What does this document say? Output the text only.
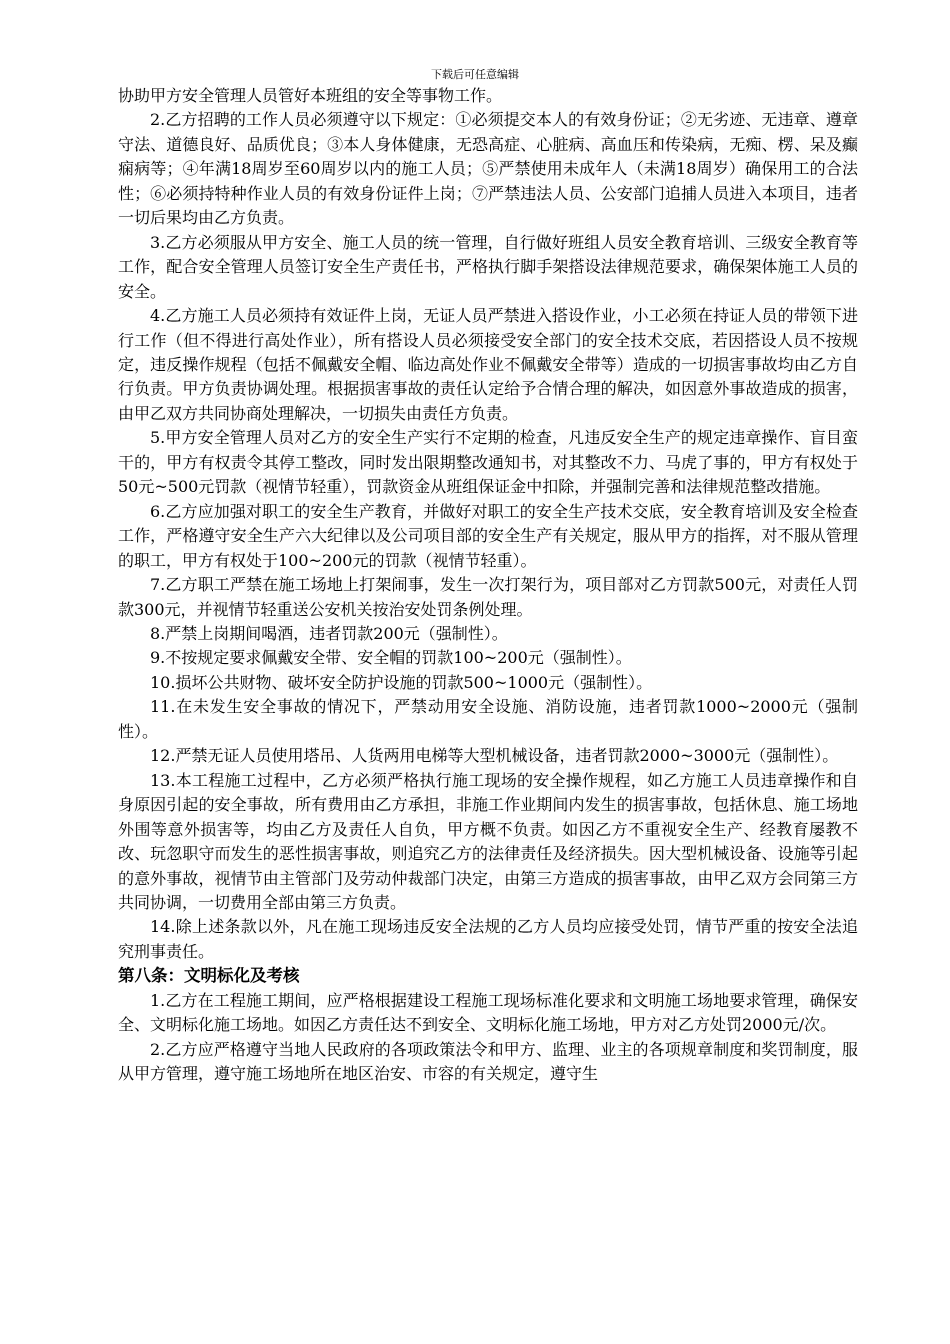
下载后可任意编辑

协助甲方安全管理人员管好本班组的安全等事物工作。

2.乙方招聘的工作人员必须遵守以下规定：①必须提交本人的有效身份证；②无劣迹、无违章、遵章守法、道德良好、品质优良；③本人身体健康，无恐高症、心脏病、高血压和传染病，无痴、楞、呆及癫痫病等；④年满18周岁至60周岁以内的施工人员；⑤严禁使用未成年人（未满18周岁）确保用工的合法性；⑥必须持特种作业人员的有效身份证件上岗；⑦严禁违法人员、公安部门追捕人员进入本项目，违者一切后果均由乙方负责。

3.乙方必须服从甲方安全、施工人员的统一管理，自行做好班组人员安全教育培训、三级安全教育等工作，配合安全管理人员签订安全生产责任书，严格执行脚手架搭设法律规范要求，确保架体施工人员的安全。

4.乙方施工人员必须持有效证件上岗，无证人员严禁进入搭设作业，小工必须在持证人员的带领下进行工作（但不得进行高处作业），所有搭设人员必须接受安全部门的安全技术交底，若因搭设人员不按规定，违反操作规程（包括不佩戴安全帽、临边高处作业不佩戴安全带等）造成的一切损害事故均由乙方自行负责。甲方负责协调处理。根据损害事故的责任认定给予合情合理的解决，如因意外事故造成的损害，由甲乙双方共同协商处理解决，一切损失由责任方负责。

5.甲方安全管理人员对乙方的安全生产实行不定期的检查，凡违反安全生产的规定违章操作、盲目蛮干的，甲方有权责令其停工整改，同时发出限期整改通知书，对其整改不力、马虎了事的，甲方有权处于50元~500元罚款（视情节轻重），罚款资金从班组保证金中扣除，并强制完善和法律规范整改措施。

6.乙方应加强对职工的安全生产教育，并做好对职工的安全生产技术交底，安全教育培训及安全检查工作，严格遵守安全生产六大纪律以及公司项目部的安全生产有关规定，服从甲方的指挥，对不服从管理的职工，甲方有权处于100~200元的罚款（视情节轻重）。

7.乙方职工严禁在施工场地上打架闹事，发生一次打架行为，项目部对乙方罚款500元，对责任人罚款300元，并视情节轻重送公安机关按治安处罚条例处理。

8.严禁上岗期间喝酒，违者罚款200元（强制性）。

9.不按规定要求佩戴安全带、安全帽的罚款100~200元（强制性）。

10.损坏公共财物、破坏安全防护设施的罚款500~1000元（强制性）。

11.在未发生安全事故的情况下，严禁动用安全设施、消防设施，违者罚款1000~2000元（强制性）。

12.严禁无证人员使用塔吊、人货两用电梯等大型机械设备，违者罚款2000~3000元（强制性）。

13.本工程施工过程中，乙方必须严格执行施工现场的安全操作规程，如乙方施工人员违章操作和自身原因引起的安全事故，所有费用由乙方承担，非施工作业期间内发生的损害事故，包括休息、施工场地外围等意外损害等，均由乙方及责任人自负，甲方概不负责。如因乙方不重视安全生产、经教育屡教不改、玩忽职守而发生的恶性损害事故，则追究乙方的法律责任及经济损失。因大型机械设备、设施等引起的意外事故，视情节由主管部门及劳动仲裁部门决定，由第三方造成的损害事故，由甲乙双方会同第三方共同协调，一切费用全部由第三方负责。

14.除上述条款以外，凡在施工现场违反安全法规的乙方人员均应接受处罚，情节严重的按安全法追究刑事责任。

第八条：文明标化及考核

1.乙方在工程施工期间，应严格根据建设工程施工现场标准化要求和文明施工场地要求管理，确保安全、文明标化施工场地。如因乙方责任达不到安全、文明标化施工场地，甲方对乙方处罚2000元/次。

2.乙方应严格遵守当地人民政府的各项政策法令和甲方、监理、业主的各项规章制度和奖罚制度，服从甲方管理，遵守施工场地所在地区治安、市容的有关规定，遵守生
